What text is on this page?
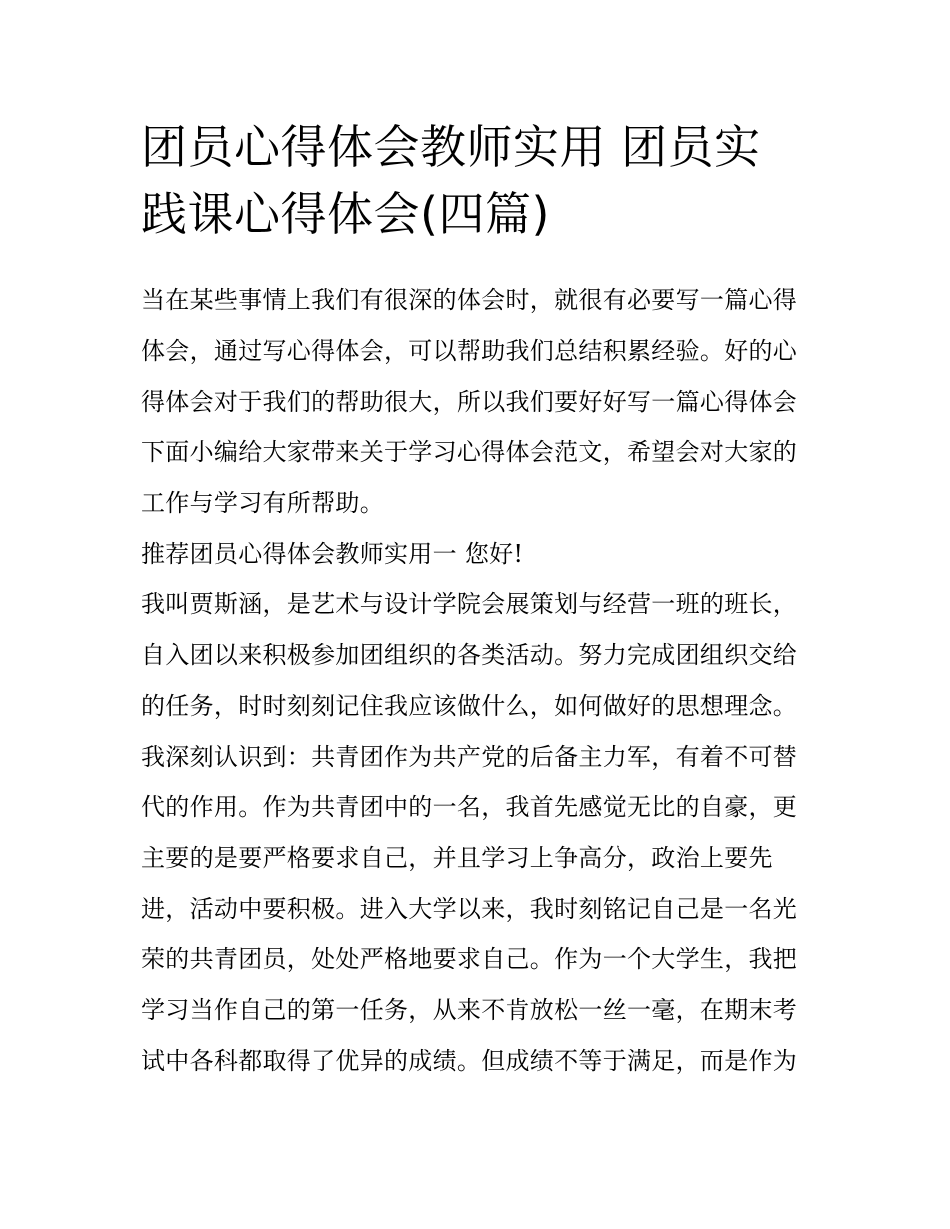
团员心得体会教师实用 团员实
践课心得体会(四篇)

当在某些事情上我们有很深的体会时，就很有必要写一篇心得

体会，通过写心得体会，可以帮助我们总结积累经验。好的心

得体会对于我们的帮助很大，所以我们要好好写一篇心得体会

下面小编给大家带来关于学习心得体会范文，希望会对大家的

工作与学习有所帮助。

推荐团员心得体会教师实用一 您好!

我叫贾斯涵，是艺术与设计学院会展策划与经营一班的班长，

自入团以来积极参加团组织的各类活动。努力完成团组织交给

的任务，时时刻刻记住我应该做什么，如何做好的思想理念。

我深刻认识到：共青团作为共产党的后备主力军，有着不可替

代的作用。作为共青团中的一名，我首先感觉无比的自豪，更

主要的是要严格要求自己，并且学习上争高分，政治上要先

进，活动中要积极。进入大学以来，我时刻铭记自己是一名光

荣的共青团员，处处严格地要求自己。作为一个大学生，我把

学习当作自己的第一任务，从来不肯放松一丝一毫，在期末考

试中各科都取得了优异的成绩。但成绩不等于满足，而是作为
